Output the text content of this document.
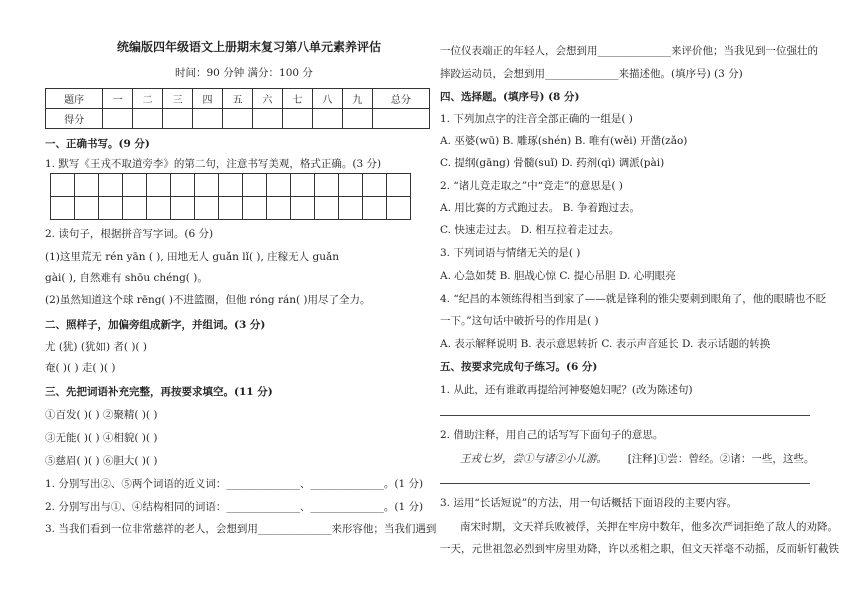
统编版四年级语文上册期末复习第八单元素养评估
时间：90 分钟 满分：100 分
题序	一	二	三	四	五	六	七	八	九	总分
得分										
一、正确书写。(9 分)
1. 默写《王戎不取道旁李》的第二句，注意书写美观，格式正确。(3 分)

2. 读句子，根据拼音写字词。(6 分)
(1)这里荒无 rén yān ( ), 田地无人 guǎn lǐ( ), 庄稼无人 guǎn
gài( ), 自然难有 shōu chéng( )。
(2)虽然知道这个球 rēng( )不进篮圈，但他 róng rán( )用尽了全力。
二、照样子，加偏旁组成新字，并组词。(3 分)
尤 (犹) (犹如) 者( )( )
奄( )( ) 走( )( )
三、先把词语补充完整，再按要求填空。(11 分)
①百发( )( ) ②聚精( )( )
③无能( )( ) ④相貌( )( )
⑤慈眉( )( ) ⑥胆大( )( )
1. 分别写出②、⑤两个词语的近义词：______________、______________。(1 分)
2. 分别写出与①、④结构相同的词语：______________、______________。(1 分)
3. 当我们看到一位非常慈祥的老人，会想到用______________来形容他；当我们遇到
一位仪表端正的年轻人，会想到用______________来评价他；当我见到一位强壮的
摔跤运动员，会想到用______________来描述他。(填序号) (3 分)
四、选择题。(填序号) (8 分)
1. 下列加点字的注音全部正确的一组是( )
A. 巫婆(wū) B. 雕琢(shén) B. 唯有(wěi) 开凿(zǎo)
C. 提纲(gāng) 骨髓(suǐ) D. 药剂(qì) 调派(pài)
2. “诸儿竞走取之”中“竞走”的意思是( )
A. 用比赛的方式跑过去。 B. 争着跑过去。
C. 快速走过去。 D. 相互拉着走过去。
3. 下列词语与情绪无关的是( )
A. 心急如焚 B. 胆战心惊 C. 提心吊胆 D. 心明眼亮
4. “纪昌的本领练得相当到家了——就是锋利的锥尖要刺到眼角了，他的眼睛也不眨
一下。”这句话中破折号的作用是( )
A. 表示解释说明 B. 表示意思转折 C. 表示声音延长 D. 表示话题的转换
五、按要求完成句子练习。(6 分)
1. 从此，还有谁敢再提给河神娶媳妇呢？(改为陈述句)
2. 借助注释，用自己的话写写下面句子的意思。
王戎七岁，尝①与诸②小儿游。 [注释]①尝：曾经。②诸：一些，这些。
3. 运用“长话短说”的方法，用一句话概括下面语段的主要内容。
南宋时期，文天祥兵败被俘，关押在牢房中数年，他多次严词拒绝了敌人的劝降。
一天，元世祖忽必烈到牢房里劝降，许以丞相之职，但文天祥毫不动摇，反而斩钉截铁
